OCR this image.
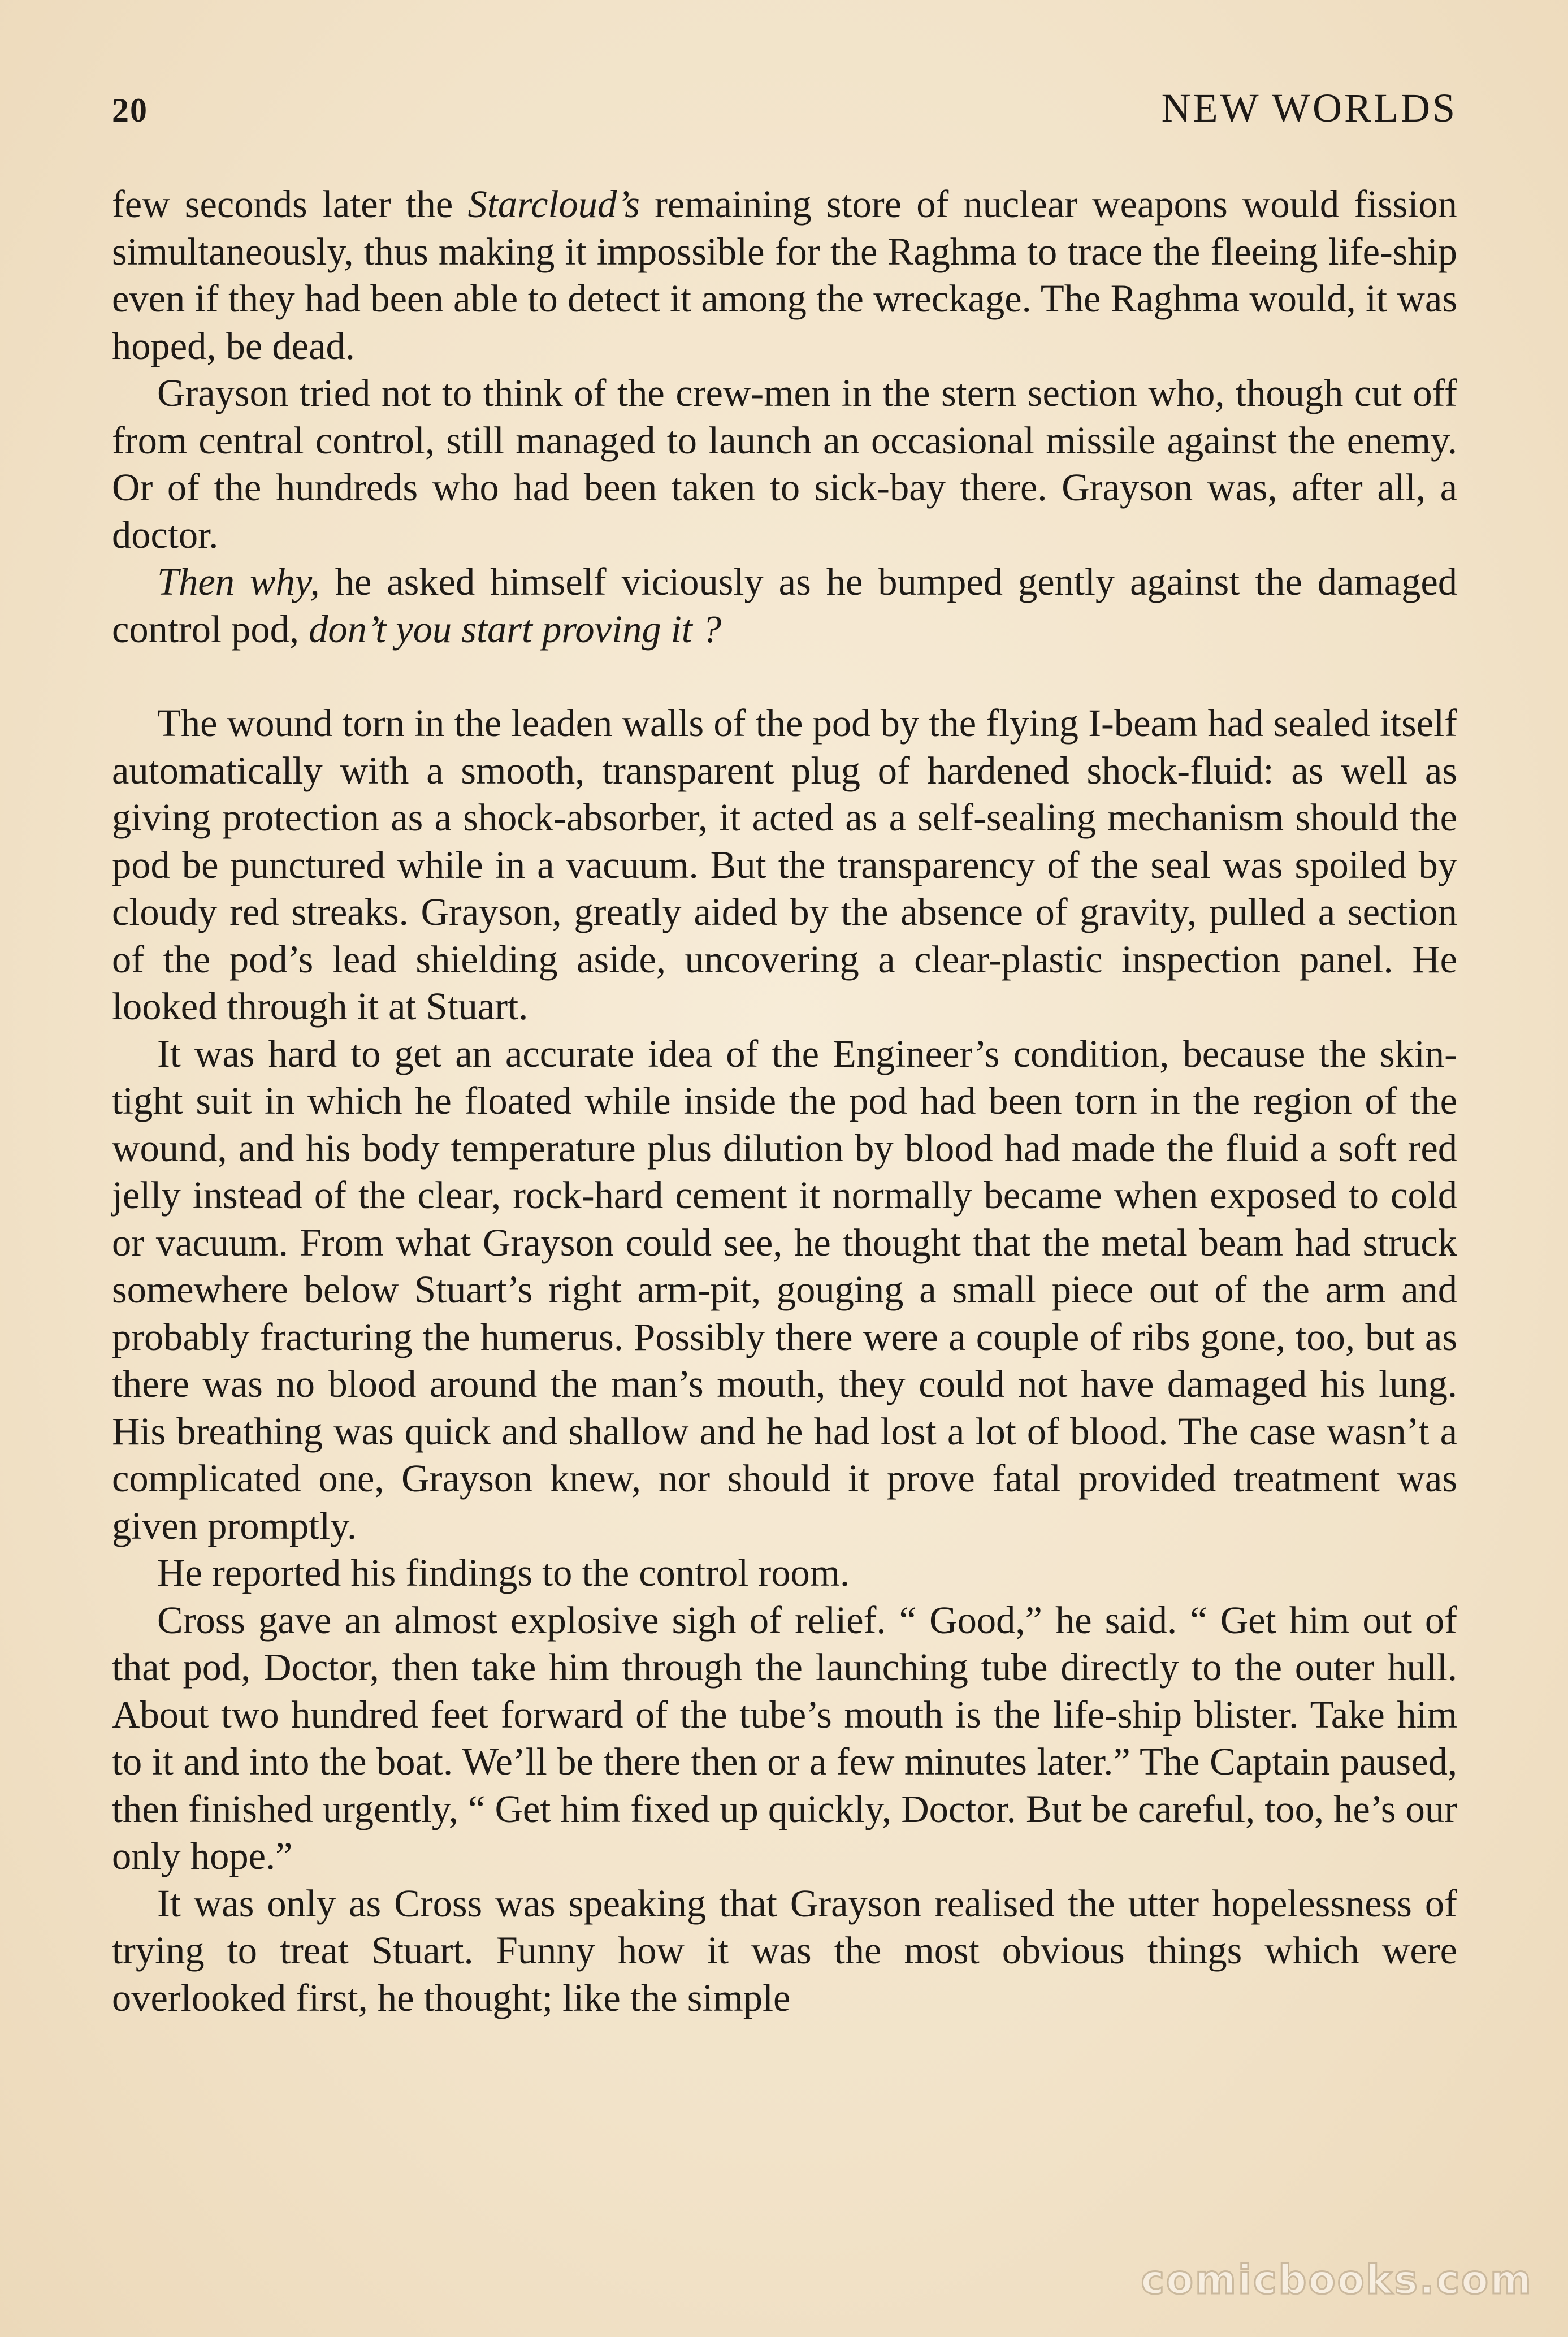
20	NEW WORLDS

few seconds later the Starcloud’s remaining store of nuclear weapons would fission simultaneously, thus making it impossible for the Raghma to trace the fleeing life-ship even if they had been able to detect it among the wreckage. The Raghma would, it was hoped, be dead.

Grayson tried not to think of the crew-men in the stern section who, though cut off from central control, still managed to launch an occasional missile against the enemy. Or of the hundreds who had been taken to sick-bay there. Grayson was, after all, a doctor.

Then why, he asked himself viciously as he bumped gently against the damaged control pod, don’t you start proving it ?

The wound torn in the leaden walls of the pod by the flying I-beam had sealed itself automatically with a smooth, transparent plug of hardened shock-fluid: as well as giving protection as a shock-absorber, it acted as a self-sealing mechanism should the pod be punctured while in a vacuum. But the transparency of the seal was spoiled by cloudy red streaks. Grayson, greatly aided by the absence of gravity, pulled a section of the pod’s lead shielding aside, uncovering a clear-plastic inspection panel. He looked through it at Stuart.

It was hard to get an accurate idea of the Engineer’s condition, because the skin-tight suit in which he floated while inside the pod had been torn in the region of the wound, and his body temperature plus dilution by blood had made the fluid a soft red jelly instead of the clear, rock-hard cement it normally became when exposed to cold or vacuum. From what Grayson could see, he thought that the metal beam had struck somewhere below Stuart’s right arm-pit, gouging a small piece out of the arm and probably fracturing the humerus. Possibly there were a couple of ribs gone, too, but as there was no blood around the man’s mouth, they could not have damaged his lung. His breathing was quick and shallow and he had lost a lot of blood. The case wasn’t a complicated one, Grayson knew, nor should it prove fatal provided treatment was given promptly.

He reported his findings to the control room.

Cross gave an almost explosive sigh of relief. “ Good,” he said. “ Get him out of that pod, Doctor, then take him through the launching tube directly to the outer hull. About two hundred feet forward of the tube’s mouth is the life-ship blister. Take him to it and into the boat. We’ll be there then or a few minutes later.” The Captain paused, then finished urgently, “ Get him fixed up quickly, Doctor. But be careful, too, he’s our only hope.”

It was only as Cross was speaking that Grayson realised the utter hopelessness of trying to treat Stuart. Funny how it was the most obvious things which were overlooked first, he thought; like the simple

comicbooks.com
